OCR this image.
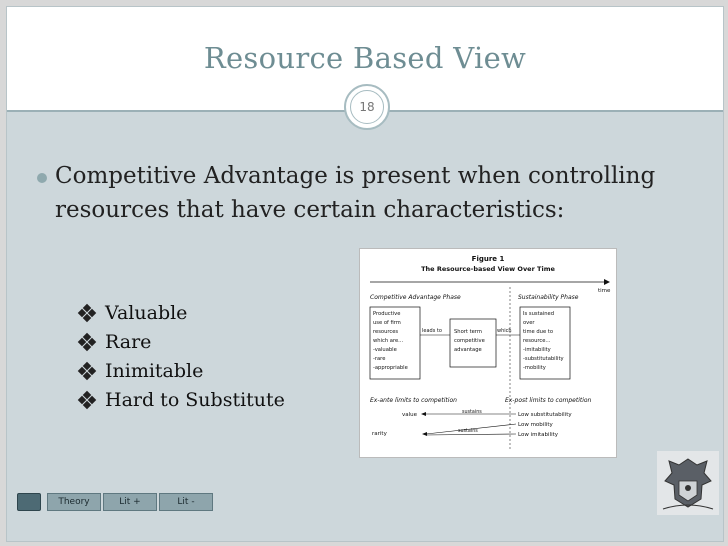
Resource Based View
18
Competitive Advantage is present when controlling resources that have certain characteristics:
Valuable
Rare
Inimitable
Hard to Substitute
Figure 1
The Resource-based View Over Time
time
Competitive Advantage Phase	Sustainability Phase
Productive use of firm resources which are... -valuable -rare -appropriable
leads to Short term competitive advantage
which
Is sustained over time due to resource... -imitability -substitutability -mobility
Ex-ante limits to competition	Ex-post limits to competition
value
rarity
sustains
sustains
Low substitutability Low mobility Low imitability
Theory	Lit +	Lit -
